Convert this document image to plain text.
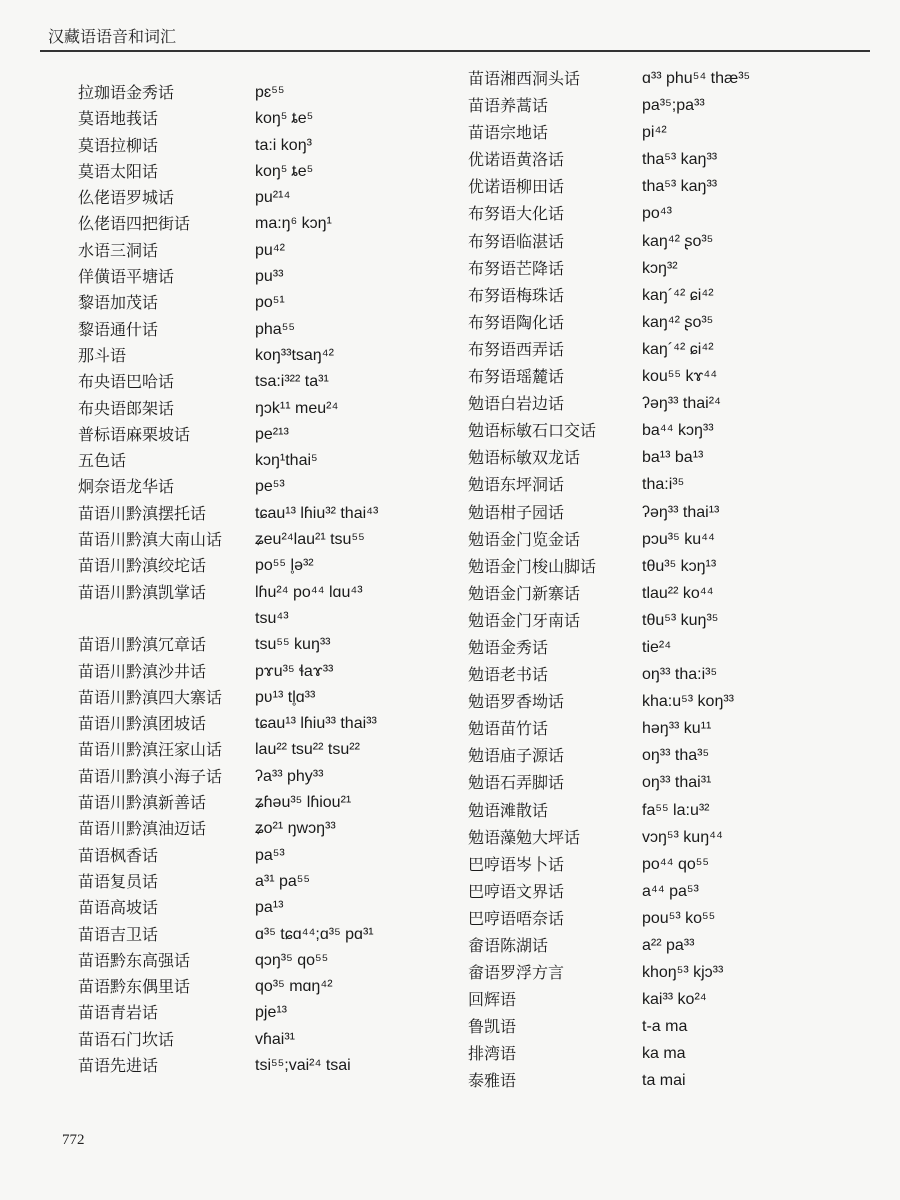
汉藏语语音和词汇
拉珈语金秀话	pɛ⁵⁵
莫语地莪话	koŋ⁵ ȶe⁵
莫语拉柳话	ta:i koŋ³
莫语太阳话	koŋ⁵ ȶe⁵
仫佬语罗城话	pu²¹⁴
仫佬语四把街话	ma:ŋ⁶ kɔŋ¹
水语三洞话	pu⁴²
佯僙语平塘话	pu³³
黎语加茂话	po⁵¹
黎语通什话	pha⁵⁵
那斗语	koŋ³³tsaŋ⁴²
布央语巴哈话	tsa:i³²² ta³¹
布央语郎架话	ŋɔk¹¹ meu²⁴
普标语麻栗坡话	pe²¹³
五色话	kɔŋ¹thai⁵
炯奈语龙华话	pe⁵³
苗语川黔滇摆托话	tɕau¹³ lɦiu³² thai⁴³
苗语川黔滇大南山话 ʑeu²⁴lau²¹ tsu⁵⁵
苗语川黔滇绞坨话	po⁵⁵ l̥ə³²
苗语川黔滇凯掌话	lɦu²⁴ po⁴⁴ lɑu⁴³
tsu⁴³
苗语川黔滇冗章话	tsu⁵⁵ kuŋ³³
苗语川黔滇沙井话	pɤu³⁵ ɬaɤ³³
苗语川黔滇四大寨话 pʋ¹³ tl̥ɑ³³
苗语川黔滇团坡话	tɕau¹³ lɦiu³³ thai³³
苗语川黔滇汪家山话 lau²² tsu²² tsu²²
苗语川黔滇小海子话 ʔa³³ phy³³
苗语川黔滇新善话	ʑɦəu³⁵ lɦiou²¹
苗语川黔滇油迈话	ʑo²¹ ŋwɔŋ³³
苗语枫香话	pa⁵³
苗语复员话	a³¹ pa⁵⁵
苗语高坡话	pa¹³
苗语吉卫话	ɑ³⁵ tɕɑ⁴⁴;ɑ³⁵ pɑ³¹
苗语黔东高强话	qɔŋ³⁵ qo⁵⁵
苗语黔东偶里话	qo³⁵ mɑŋ⁴²
苗语青岩话	pje¹³
苗语石门坎话	vɦai³¹
苗语先进话	tsi⁵⁵;vai²⁴ tsai
苗语湘西洞头话	ɑ³³ phu⁵⁴ thæ³⁵
苗语养蒿话	pa³⁵;pa³³
苗语宗地话	pi⁴²
优诺语黄洛话	tha⁵³ kaŋ³³
优诺语柳田话	tha⁵³ kaŋ³³
布努语大化话	po⁴³
布努语临湛话	kaŋ⁴² ʂo³⁵
布努语芒降话	kɔŋ³²
布努语梅珠话	kaŋ´⁴² ɕi⁴²
布努语陶化话	kaŋ⁴² ʂo³⁵
布努语西弄话	kaŋ´⁴² ɕi⁴²
布努语瑶麓话	kou⁵⁵ kɤ⁴⁴
勉语白岩边话	ʔəŋ³³ thai²⁴
勉语标敏石口交话	ba⁴⁴ kɔŋ³³
勉语标敏双龙话	ba¹³ ba¹³
勉语东坪洞话	tha:i³⁵
勉语柑子园话	ʔəŋ³³ thai¹³
勉语金门览金话	pɔu³⁵ ku⁴⁴
勉语金门梭山脚话	tθu³⁵ kɔŋ¹³
勉语金门新寨话	tlau²² ko⁴⁴
勉语金门牙南话	tθu⁵³ kuŋ³⁵
勉语金秀话	tie²⁴
勉语老书话	oŋ³³ tha:i³⁵
勉语罗香坳话	kha:u⁵³ koŋ³³
勉语苗竹话	həŋ³³ ku¹¹
勉语庙子源话	oŋ³³ tha³⁵
勉语石弄脚话	oŋ³³ thai³¹
勉语滩散话	fa⁵⁵ la:u³²
勉语藻勉大坪话	vɔŋ⁵³ kuŋ⁴⁴
巴哼语岑卜话	po⁴⁴ qo⁵⁵
巴哼语文界话	a⁴⁴ pa⁵³
巴哼语唔奈话	pou⁵³ ko⁵⁵
畲语陈湖话	a²² pa³³
畲语罗浮方言	khoŋ⁵³ kjɔ³³
回辉语	kai³³ ko²⁴
鲁凯语	t-a ma
排湾语	ka ma
泰雅语	ta mai
772
